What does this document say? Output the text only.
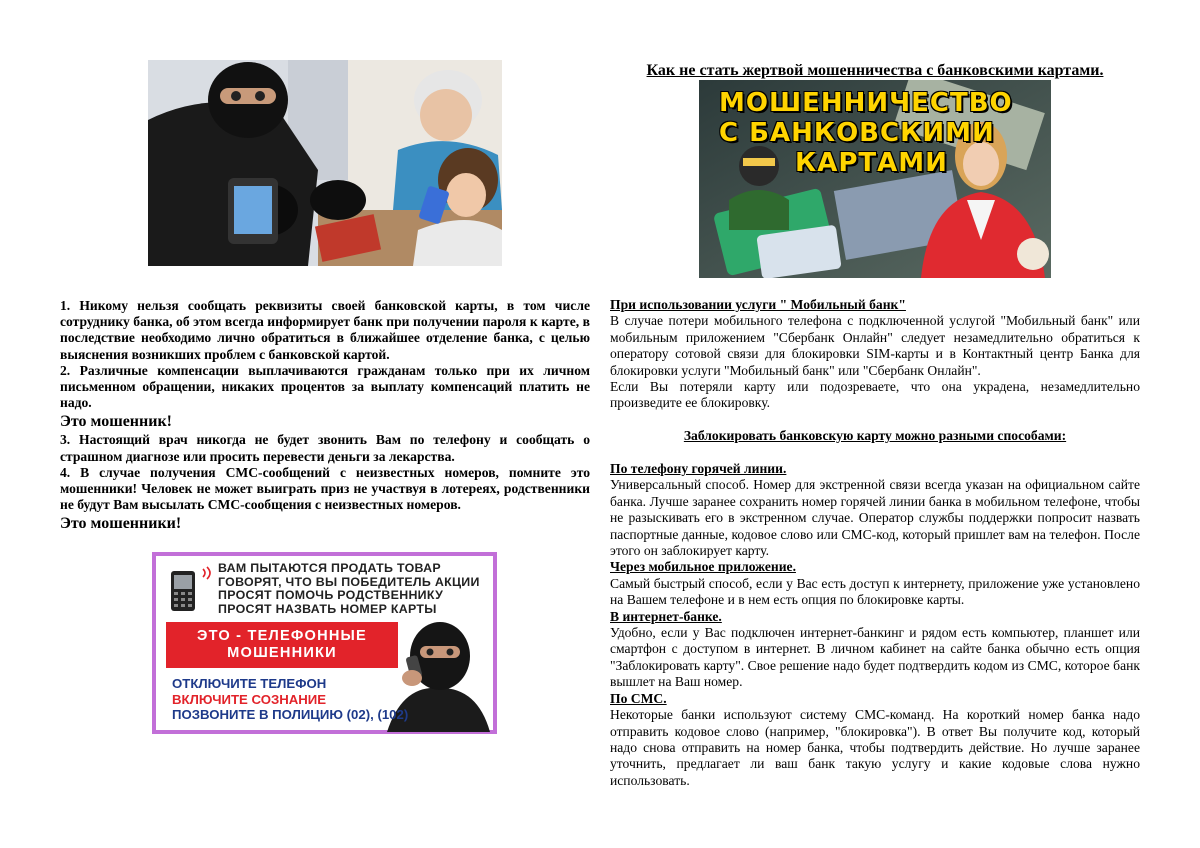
1. Никому нельзя сообщать реквизиты своей банковской карты, в том числе сотруднику банка, об этом всегда информирует банк при получении пароля к карте, в последствие необходимо лично обратиться в ближайшее отделение банка, с целью выяснения возникших проблем с банковской картой.

2. Различные компенсации выплачиваются гражданам только при их личном письменном обращении, никаких процентов за выплату компенсаций платить не надо.

Это мошенник!

3. Настоящий врач никогда не будет звонить Вам по телефону и сообщать о страшном диагнозе или просить перевести деньги за лекарства.

4. В случае получения СМС-сообщений с неизвестных номеров, помните это мошенники! Человек не может выиграть приз не участвуя в лотереях, родственники не будут Вам высылать СМС-сообщения с неизвестных номеров.

Это мошенники!

ВАМ ПЫТАЮТСЯ ПРОДАТЬ ТОВАР
ГОВОРЯТ, ЧТО ВЫ ПОБЕДИТЕЛЬ АКЦИИ
ПРОСЯТ ПОМОЧЬ РОДСТВЕННИКУ
ПРОСЯТ НАЗВАТЬ НОМЕР КАРТЫ
ЭТО - ТЕЛЕФОННЫЕ
МОШЕННИКИ
ОТКЛЮЧИТЕ ТЕЛЕФОН
ВКЛЮЧИТЕ СОЗНАНИЕ
ПОЗВОНИТЕ В ПОЛИЦИЮ (02), (102)
Как не стать жертвой мошенничества с банковскими картами.
МОШЕННИЧЕСТВО
С БАНКОВСКИМИ
КАРТАМИ

При использовании услуги " Мобильный банк"

В случае потери мобильного телефона с подключенной услугой "Мобильный банк" или мобильным приложением "Сбербанк Онлайн" следует незамедлительно обратиться к оператору сотовой связи для блокировки SIM-карты и в Контактный центр Банка для блокировки услуги "Мобильный банк" или "Сбербанк Онлайн".

Если Вы потеряли карту или подозреваете, что она украдена, незамедлительно произведите ее блокировку.

Заблокировать банковскую карту можно разными способами:

По телефону горячей линии.

Универсальный способ. Номер для экстренной связи всегда указан на официальном сайте банка. Лучше заранее сохранить номер горячей линии банка в мобильном телефоне, чтобы не разыскивать его в экстренном случае. Оператор службы поддержки попросит назвать паспортные данные, кодовое слово или СМС-код, который пришлет вам на телефон. После этого он заблокирует карту.

Через мобильное приложение.

Самый быстрый способ, если у Вас есть доступ к интернету, приложение уже установлено на Вашем телефоне и в нем есть опция по блокировке карты.

В интернет-банке.

Удобно, если у Вас подключен интернет-банкинг и рядом есть компьютер, планшет или смартфон с доступом в интернет. В личном кабинет на сайте банка обычно есть опция "Заблокировать карту". Свое решение надо будет подтвердить кодом из СМС, которое банк вышлет на Ваш номер.

По СМС.

Некоторые банки используют систему СМС-команд. На короткий номер банка надо отправить кодовое слово (например, "блокировка"). В ответ Вы получите код, который надо снова отправить на номер банка, чтобы подтвердить действие. Но лучше заранее уточнить, предлагает ли ваш банк такую услугу и какие кодовые слова нужно использовать.
